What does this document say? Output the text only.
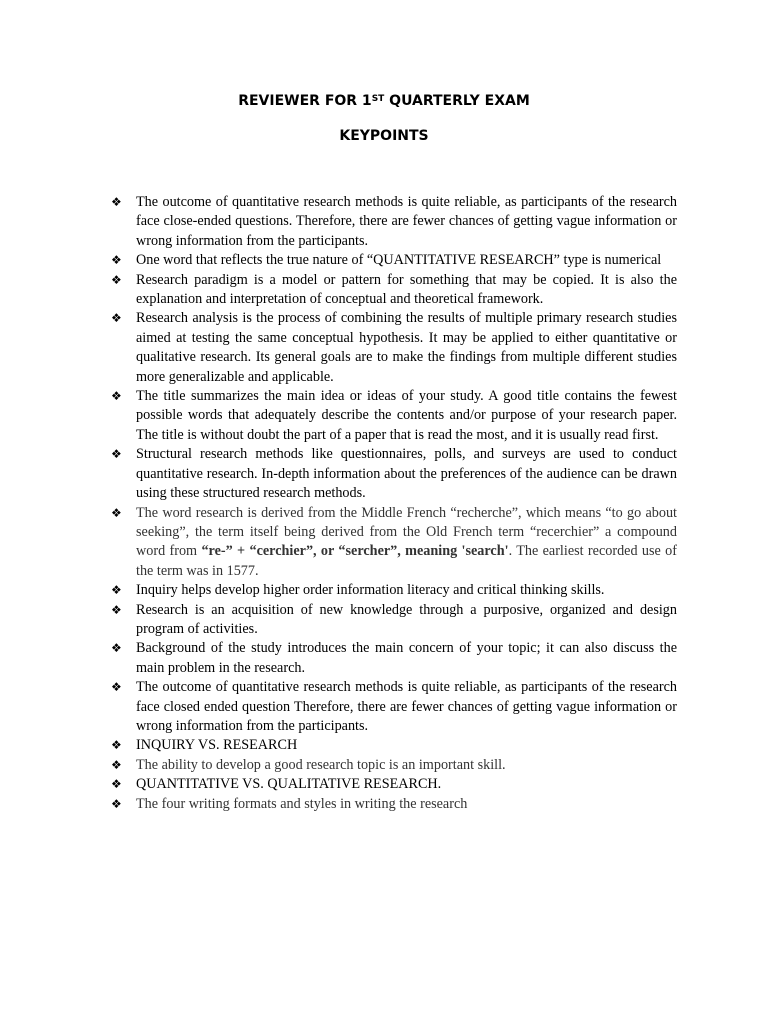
REVIEWER FOR 1ST QUARTERLY EXAM
KEYPOINTS
❖	The outcome of quantitative research methods is quite reliable, as participants of the research face close-ended questions. Therefore, there are fewer chances of getting vague information or wrong information from the participants.
❖	One word that reflects the true nature of “QUANTITATIVE RESEARCH” type is numerical
❖	Research paradigm is a model or pattern for something that may be copied. It is also the explanation and interpretation of conceptual and theoretical framework.
❖	Research analysis is the process of combining the results of multiple primary research studies aimed at testing the same conceptual hypothesis. It may be applied to either quantitative or qualitative research. Its general goals are to make the findings from multiple different studies more generalizable and applicable.
❖	The title summarizes the main idea or ideas of your study. A good title contains the fewest possible words that adequately describe the contents and/or purpose of your research paper. The title is without doubt the part of a paper that is read the most, and it is usually read first.
❖	Structural research methods like questionnaires, polls, and surveys are used to conduct quantitative research. In-depth information about the preferences of the audience can be drawn using these structured research methods.
❖	The word research is derived from the Middle French “recherche”, which means “to go about seeking”, the term itself being derived from the Old French term “recerchier” a compound word from “re-” + “cerchier”, or “sercher”, meaning 'search'. The earliest recorded use of the term was in 1577.
❖	Inquiry helps develop higher order information literacy and critical thinking skills.
❖	Research is an acquisition of new knowledge through a purposive, organized and design program of activities.
❖	Background of the study introduces the main concern of your topic; it can also discuss the main problem in the research.
❖	The outcome of quantitative research methods is quite reliable, as participants of the research face closed ended question Therefore, there are fewer chances of getting vague information or wrong information from the participants.
❖	INQUIRY VS. RESEARCH
❖	The ability to develop a good research topic is an important skill.
❖	QUANTITATIVE VS. QUALITATIVE RESEARCH.
❖	The four writing formats and styles in writing the research
